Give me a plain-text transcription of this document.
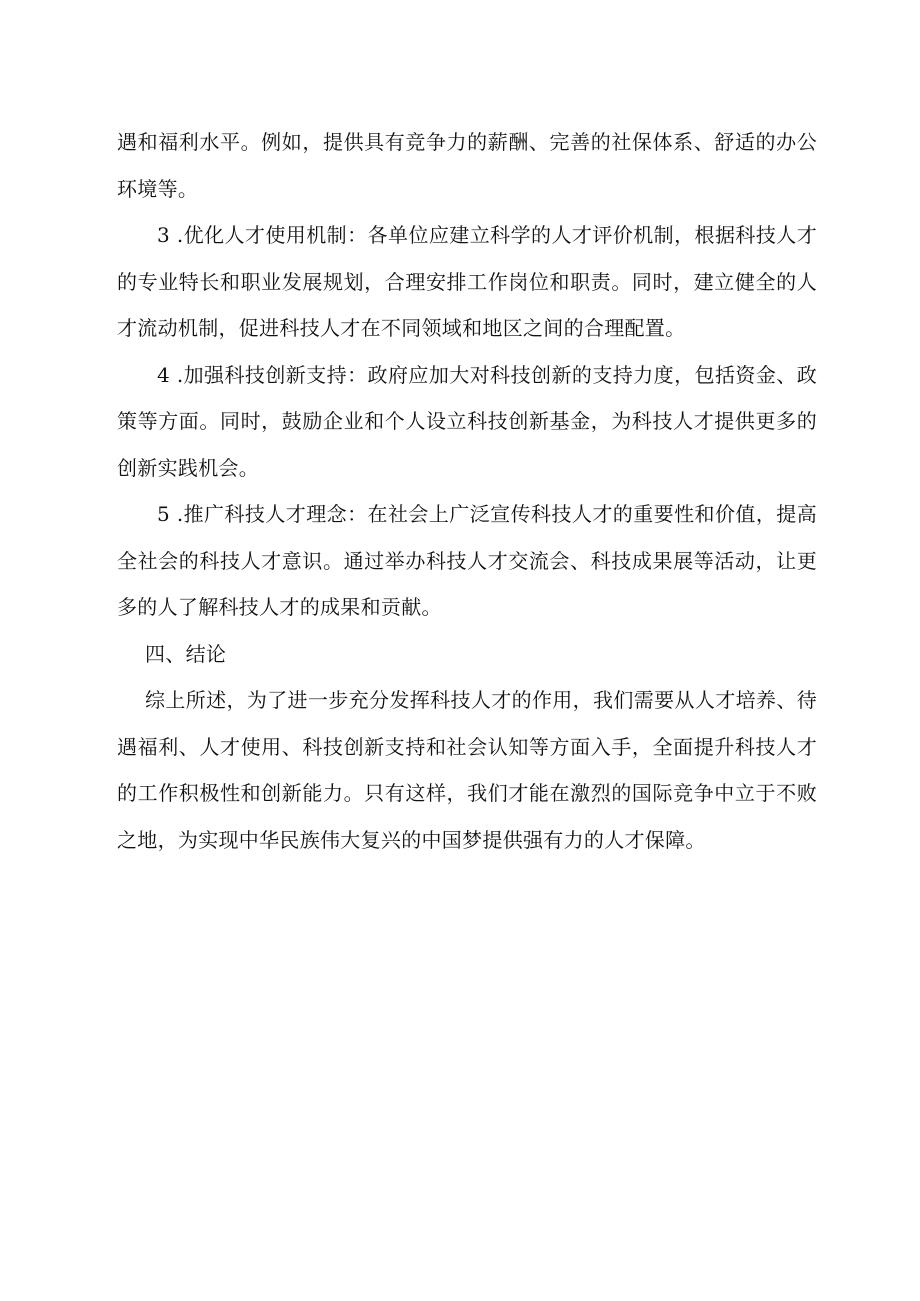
遇和福利水平。例如，提供具有竞争力的薪酬、完善的社保体系、舒适的办公环境等。

3 .优化人才使用机制：各单位应建立科学的人才评价机制，根据科技人才的专业特长和职业发展规划，合理安排工作岗位和职责。同时，建立健全的人才流动机制，促进科技人才在不同领域和地区之间的合理配置。

4 .加强科技创新支持：政府应加大对科技创新的支持力度，包括资金、政策等方面。同时，鼓励企业和个人设立科技创新基金，为科技人才提供更多的创新实践机会。

5 .推广科技人才理念：在社会上广泛宣传科技人才的重要性和价值，提高全社会的科技人才意识。通过举办科技人才交流会、科技成果展等活动，让更多的人了解科技人才的成果和贡献。

四、结论

综上所述，为了进一步充分发挥科技人才的作用，我们需要从人才培养、待遇福利、人才使用、科技创新支持和社会认知等方面入手，全面提升科技人才的工作积极性和创新能力。只有这样，我们才能在激烈的国际竞争中立于不败之地，为实现中华民族伟大复兴的中国梦提供强有力的人才保障。
